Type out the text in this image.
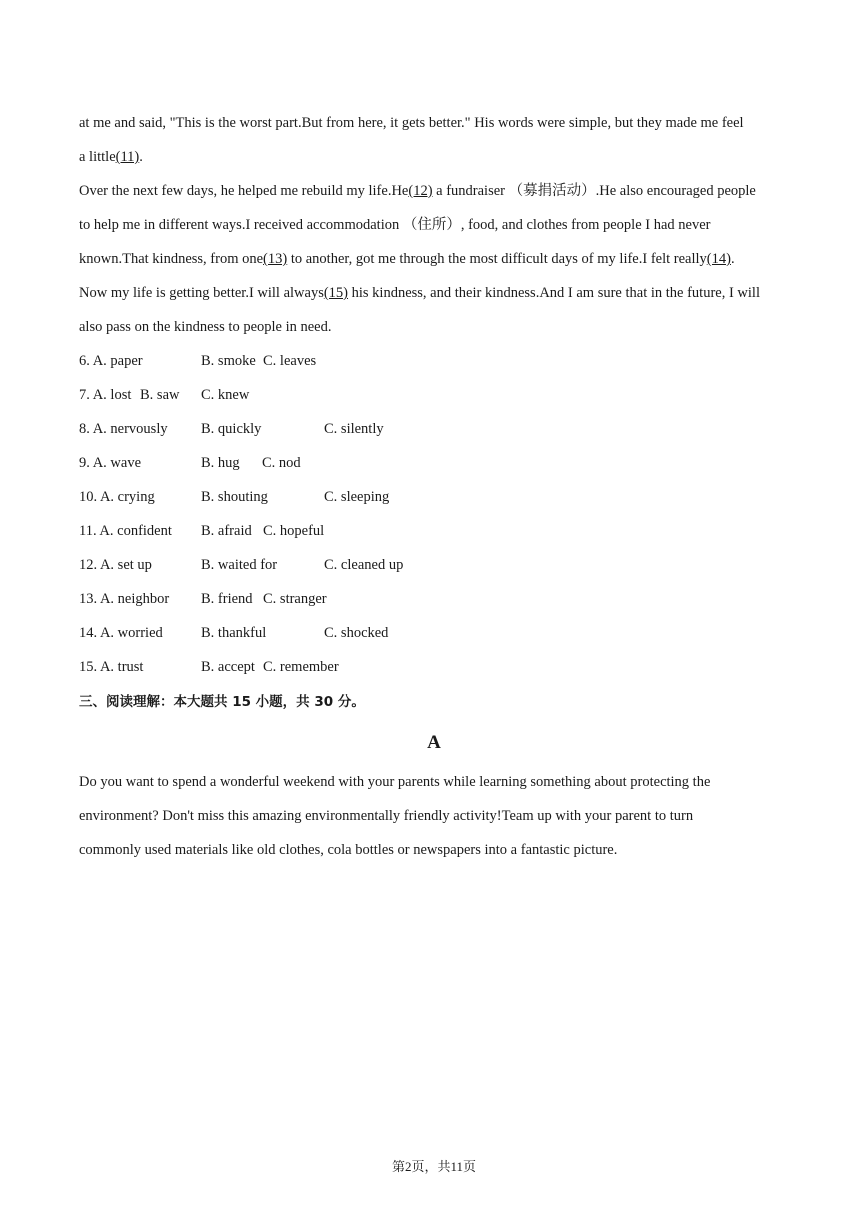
at me and said, "This is the worst part.But from here, it gets better." His words were simple, but they made me feel
a little(11).
Over the next few days, he helped me rebuild my life.He(12) a fundraiser （募捐活动）.He also encouraged people
to help me in different ways.I received accommodation （住所）, food, and clothes from people I had never
known.That kindness, from one(13) to another, got me through the most difficult days of my life.I felt really(14).
Now my life is getting better.I will always(15) his kindness, and their kindness.And I am sure that in the future, I will
also pass on the kindness to people in need.
6. A. paper	B. smoke C. leaves
7. A. lost B. saw C. knew
8. A. nervously B. quickly	C. silently
9. A. wave	B. hug C. nod
10. A. crying	B. shouting	C. sleeping
11. A. confident B. afraid C. hopeful
12. A. set up	B. waited for	C. cleaned up
13. A. neighbor B. friend C. stranger
14. A. worried	B. thankful	C. shocked
15. A. trust	B. accept C. remember
三、阅读理解：本大题共 15 小题，共 30 分。
A
Do you want to spend a wonderful weekend with your parents while learning something about protecting the
environment? Don't miss this amazing environmentally friendly activity!Team up with your parent to turn
commonly used materials like old clothes, cola bottles or newspapers into a fantastic picture.
第2页，共11页
